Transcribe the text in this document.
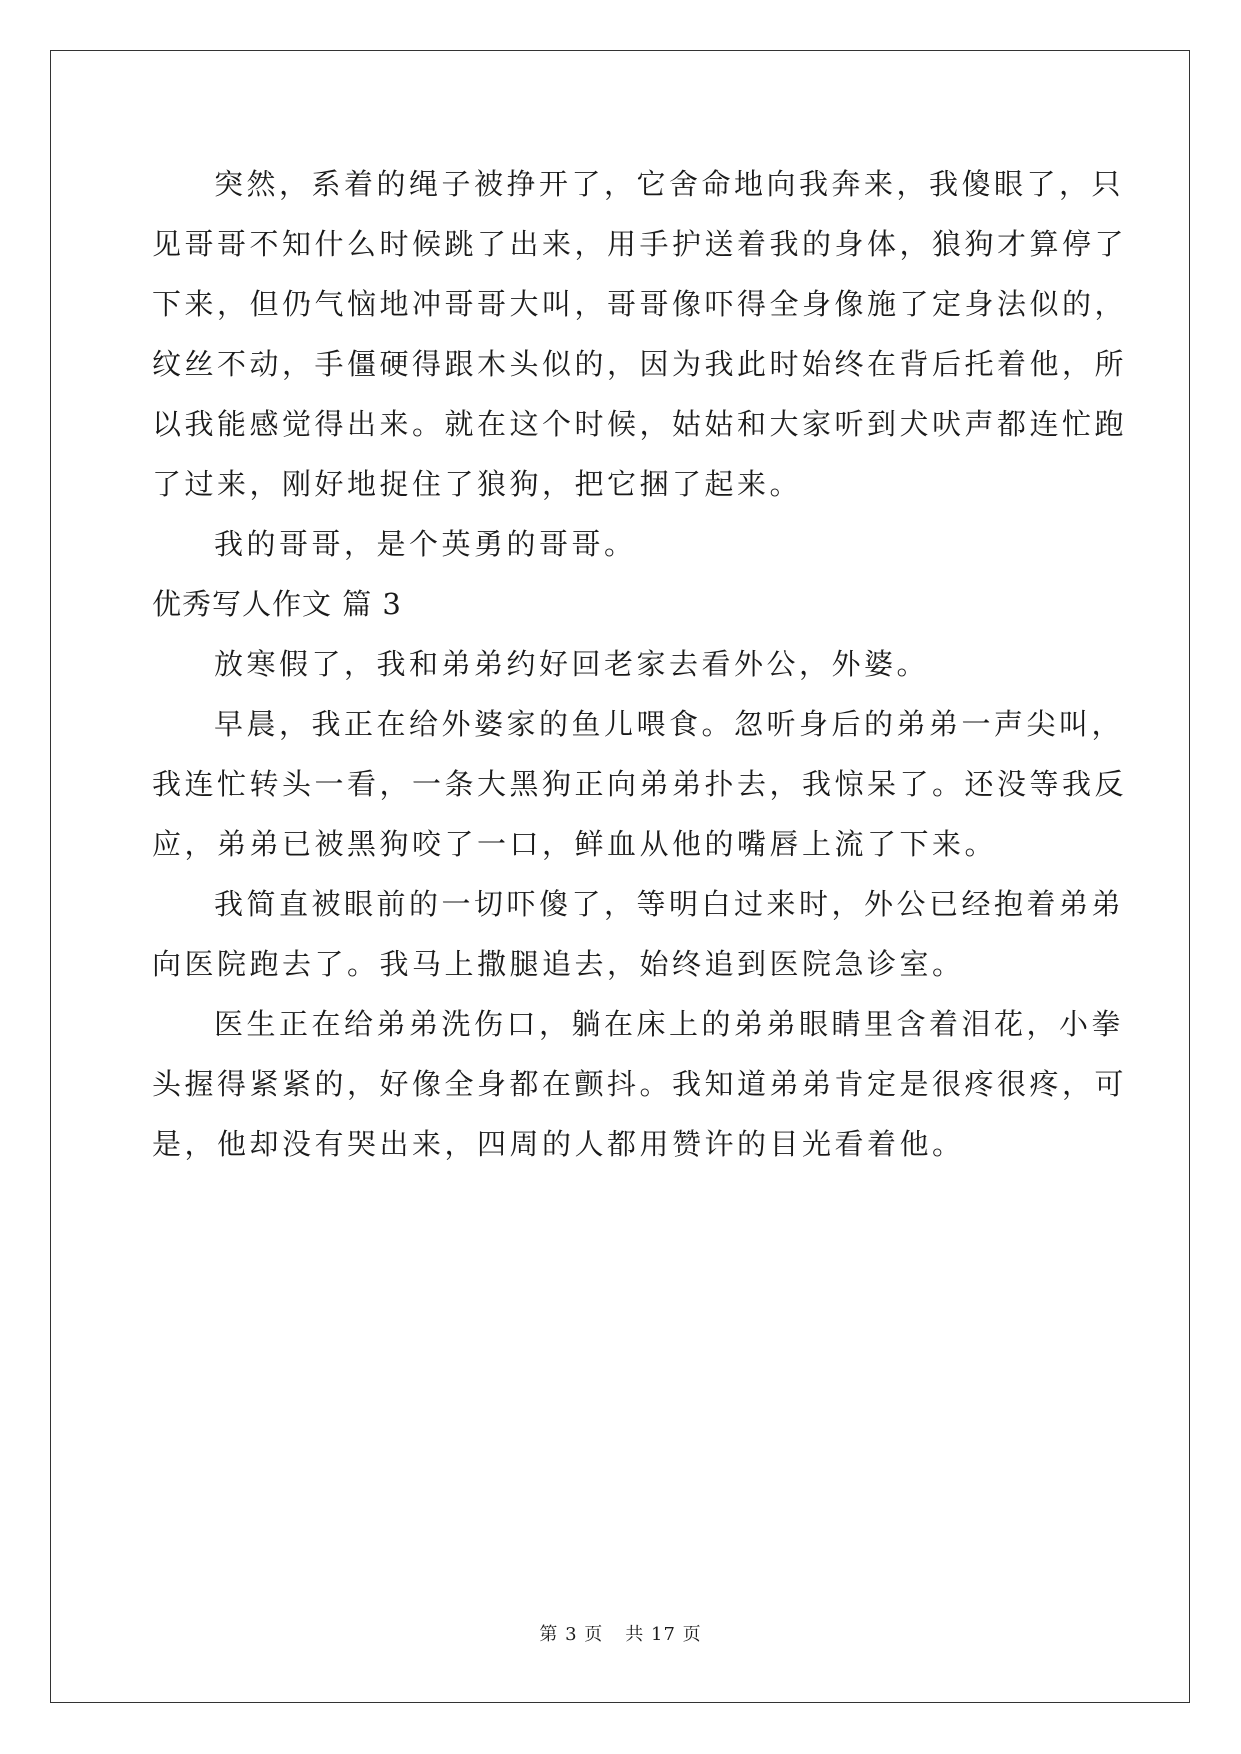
突然，系着的绳子被挣开了，它舍命地向我奔来，我傻眼了，只
见哥哥不知什么时候跳了出来，用手护送着我的身体，狼狗才算停了
下来，但仍气恼地冲哥哥大叫，哥哥像吓得全身像施了定身法似的，
纹丝不动，手僵硬得跟木头似的，因为我此时始终在背后托着他，所
以我能感觉得出来。就在这个时候，姑姑和大家听到犬吠声都连忙跑
了过来，刚好地捉住了狼狗，把它捆了起来。
我的哥哥，是个英勇的哥哥。
优秀写人作文 篇 3
放寒假了，我和弟弟约好回老家去看外公，外婆。
早晨，我正在给外婆家的鱼儿喂食。忽听身后的弟弟一声尖叫，
我连忙转头一看，一条大黑狗正向弟弟扑去，我惊呆了。还没等我反
应，弟弟已被黑狗咬了一口，鲜血从他的嘴唇上流了下来。
我简直被眼前的一切吓傻了，等明白过来时，外公已经抱着弟弟
向医院跑去了。我马上撒腿追去，始终追到医院急诊室。
医生正在给弟弟洗伤口，躺在床上的弟弟眼睛里含着泪花，小拳
头握得紧紧的，好像全身都在颤抖。我知道弟弟肯定是很疼很疼，可
是，他却没有哭出来，四周的人都用赞许的目光看着他。
第 3 页 共 17 页
